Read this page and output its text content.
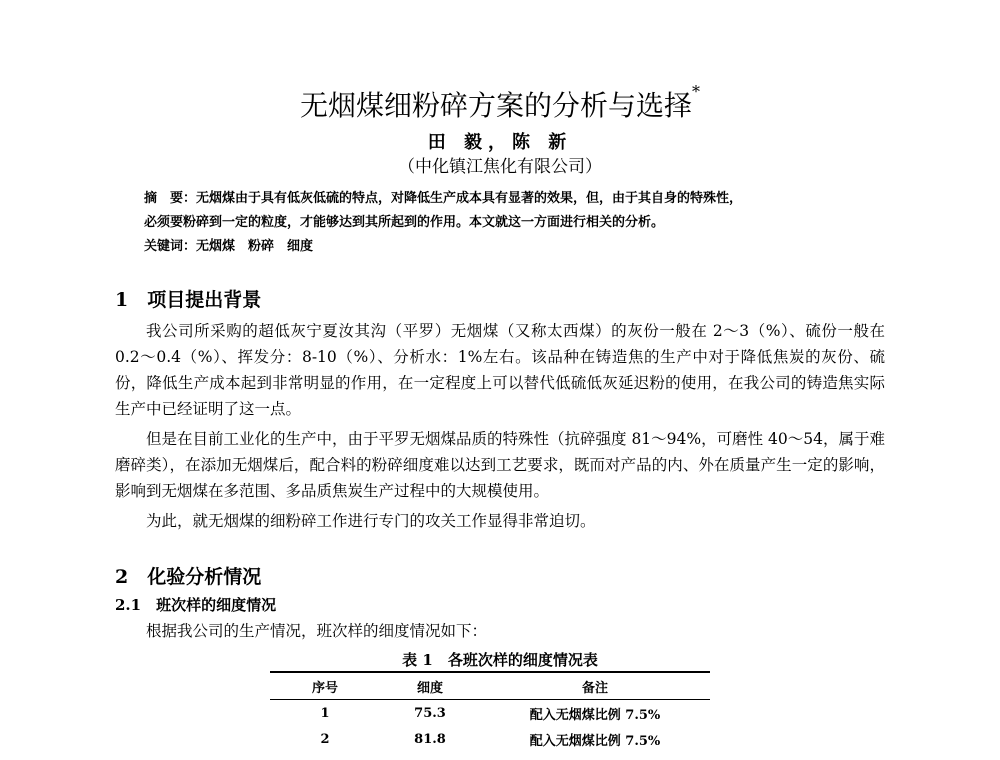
无烟煤细粉碎方案的分析与选择*
田 毅，陈 新
（中化镇江焦化有限公司）
摘　要：无烟煤由于具有低灰低硫的特点，对降低生产成本具有显著的效果，但，由于其自身的特殊性，
必须要粉碎到一定的粒度，才能够达到其所起到的作用。本文就这一方面进行相关的分析。
关键词：无烟煤　粉碎　细度
1　项目提出背景
我公司所采购的超低灰宁夏汝其沟（平罗）无烟煤（又称太西煤）的灰份一般在 2～3（%）、硫份一般在 0.2～0.4（%）、挥发分：8-10（%）、分析水：1%左右。该品种在铸造焦的生产中对于降低焦炭的灰份、硫份，降低生产成本起到非常明显的作用，在一定程度上可以替代低硫低灰延迟粉的使用，在我公司的铸造焦实际生产中已经证明了这一点。
但是在目前工业化的生产中，由于平罗无烟煤品质的特殊性（抗碎强度 81～94%，可磨性 40～54，属于难磨碎类），在添加无烟煤后，配合料的粉碎细度难以达到工艺要求，既而对产品的内、外在质量产生一定的影响，影响到无烟煤在多范围、多品质焦炭生产过程中的大规模使用。
为此，就无烟煤的细粉碎工作进行专门的攻关工作显得非常迫切。
2　化验分析情况
2.1　班次样的细度情况
根据我公司的生产情况，班次样的细度情况如下：
表 1　各班次样的细度情况表
序号	细度	备注
1	75.3	配入无烟煤比例 7.5%
2	81.8	配入无烟煤比例 7.5%
